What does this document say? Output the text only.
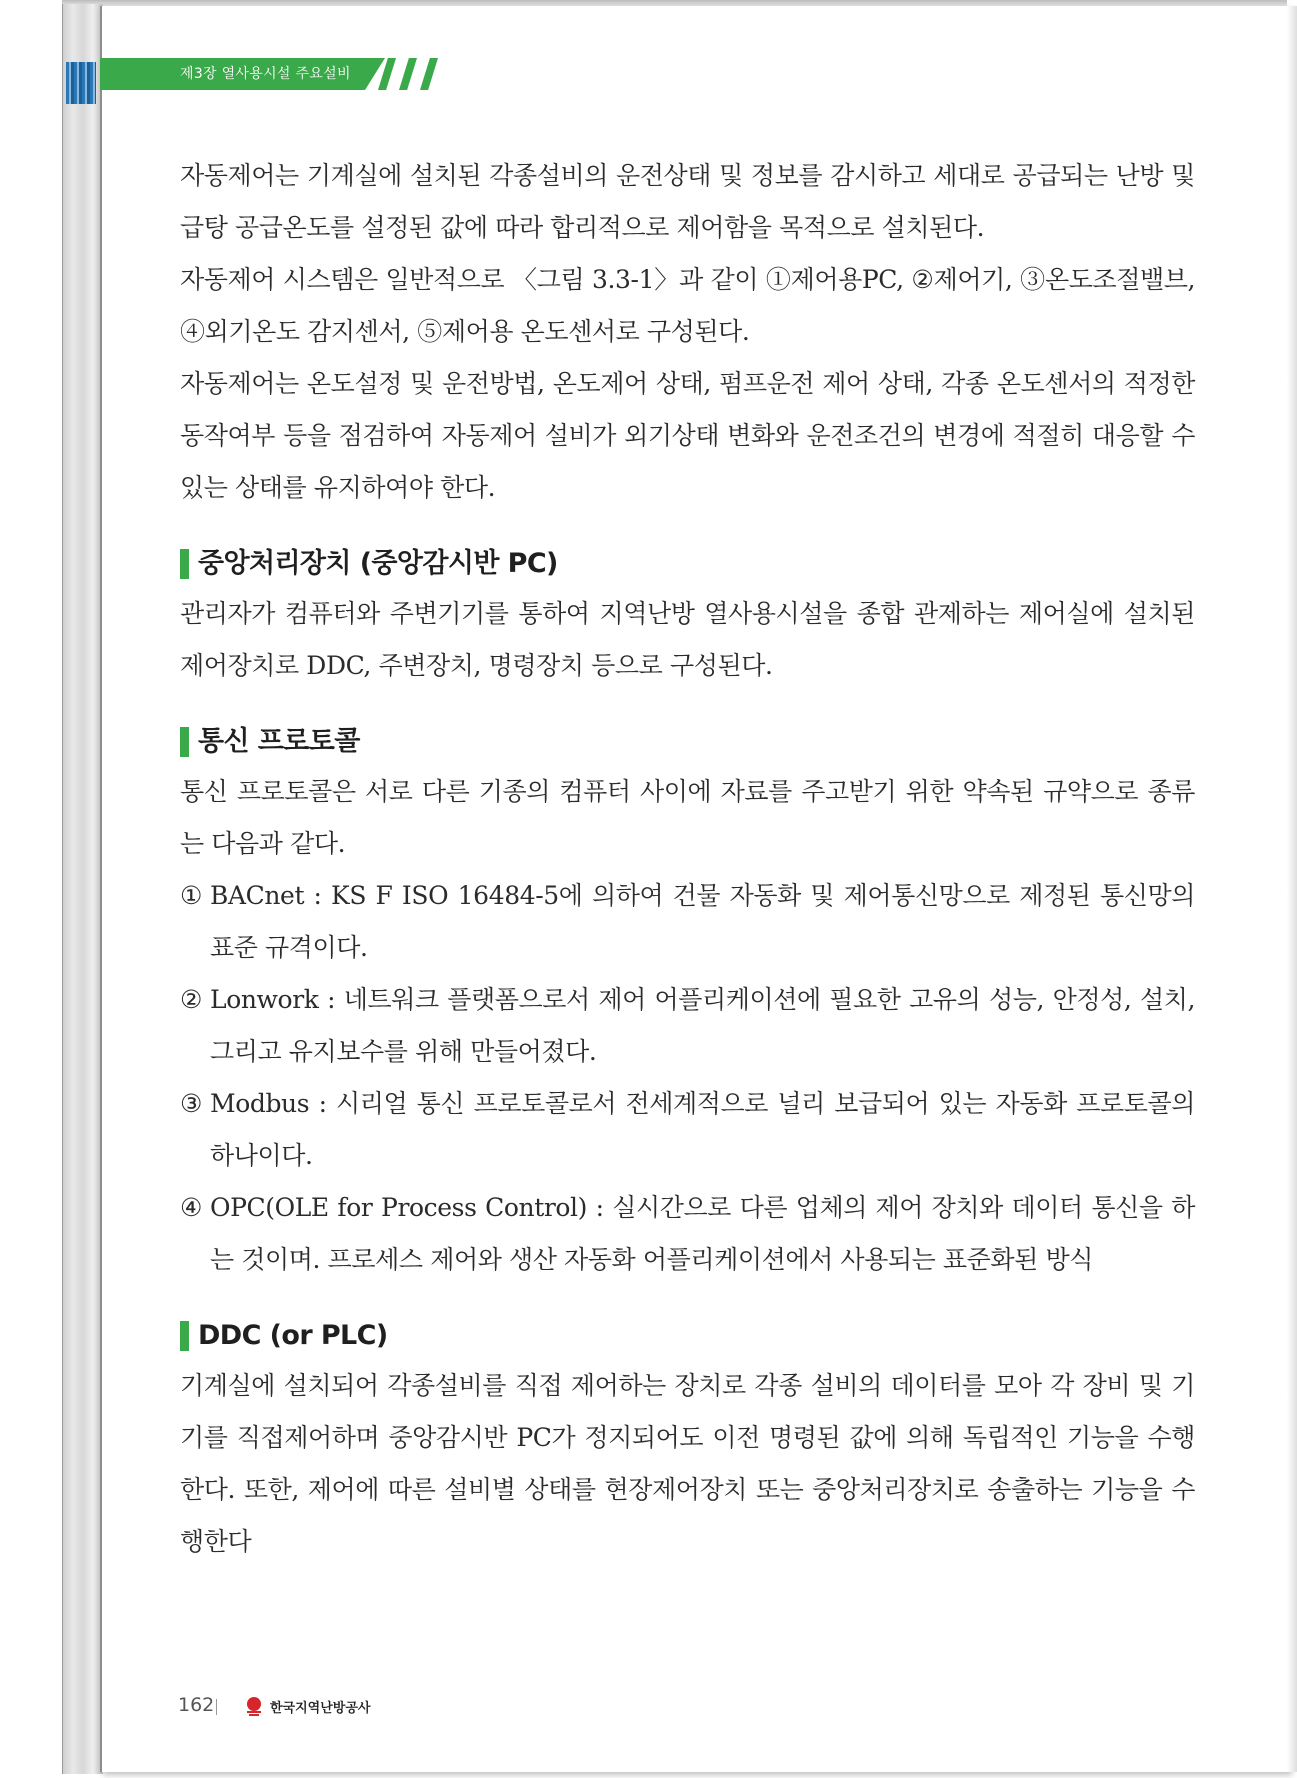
제3장 열사용시설 주요설비

자동제어는 기계실에 설치된 각종설비의 운전상태 및 정보를 감시하고 세대로 공급되는 난방 및 급탕 공급온도를 설정된 값에 따라 합리적으로 제어함을 목적으로 설치된다.

자동제어 시스템은 일반적으로 〈그림 3.3-1〉과 같이 ①제어용PC, ②제어기, ③온도조절밸브, ④외기온도 감지센서, ⑤제어용 온도센서로 구성된다.

자동제어는 온도설정 및 운전방법, 온도제어 상태, 펌프운전 제어 상태, 각종 온도센서의 적정한 동작여부 등을 점검하여 자동제어 설비가 외기상태 변화와 운전조건의 변경에 적절히 대응할 수 있는 상태를 유지하여야 한다.

중앙처리장치 (중앙감시반 PC)

관리자가 컴퓨터와 주변기기를 통하여 지역난방 열사용시설을 종합 관제하는 제어실에 설치된 제어장치로 DDC, 주변장치, 명령장치 등으로 구성된다.

통신 프로토콜

통신 프로토콜은 서로 다른 기종의 컴퓨터 사이에 자료를 주고받기 위한 약속된 규약으로 종류는 다음과 같다.

① BACnet : KS F ISO 16484-5에 의하여 건물 자동화 및 제어통신망으로 제정된 통신망의 표준 규격이다.
② Lonwork : 네트워크 플랫폼으로서 제어 어플리케이션에 필요한 고유의 성능, 안정성, 설치, 그리고 유지보수를 위해 만들어졌다.
③ Modbus : 시리얼 통신 프로토콜로서 전세계적으로 널리 보급되어 있는 자동화 프로토콜의 하나이다.
④ OPC(OLE for Process Control) : 실시간으로 다른 업체의 제어 장치와 데이터 통신을 하는 것이며. 프로세스 제어와 생산 자동화 어플리케이션에서 사용되는 표준화된 방식
DDC (or PLC)

기계실에 설치되어 각종설비를 직접 제어하는 장치로 각종 설비의 데이터를 모아 각 장비 및 기기를 직접제어하며 중앙감시반 PC가 정지되어도 이전 명령된 값에 의해 독립적인 기능을 수행한다. 또한, 제어에 따른 설비별 상태를 현장제어장치 또는 중앙처리장치로 송출하는 기능을 수행한다

162	한국지역난방공사
